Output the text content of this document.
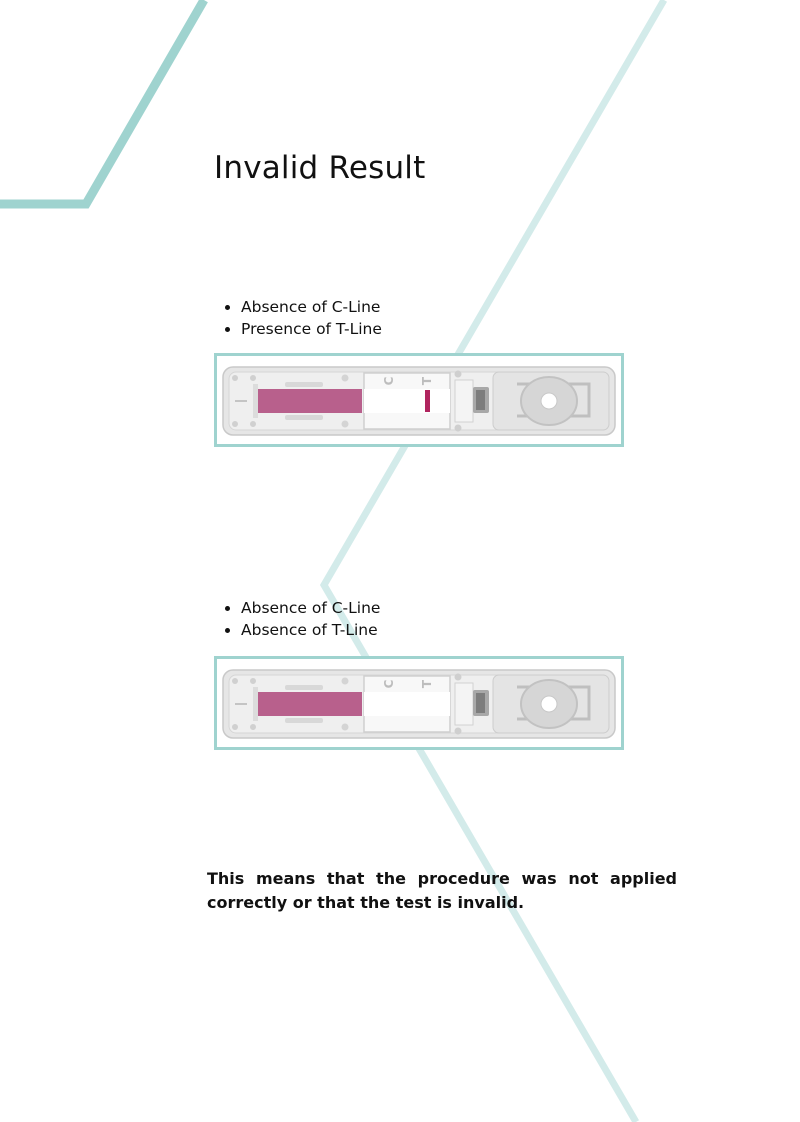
Invalid Result
• Absence of C-Line
• Presence of T-Line
C T
• Absence of C-Line
• Absence of T-Line
C T

This means that the procedure was not applied correctly or that the test is invalid.
